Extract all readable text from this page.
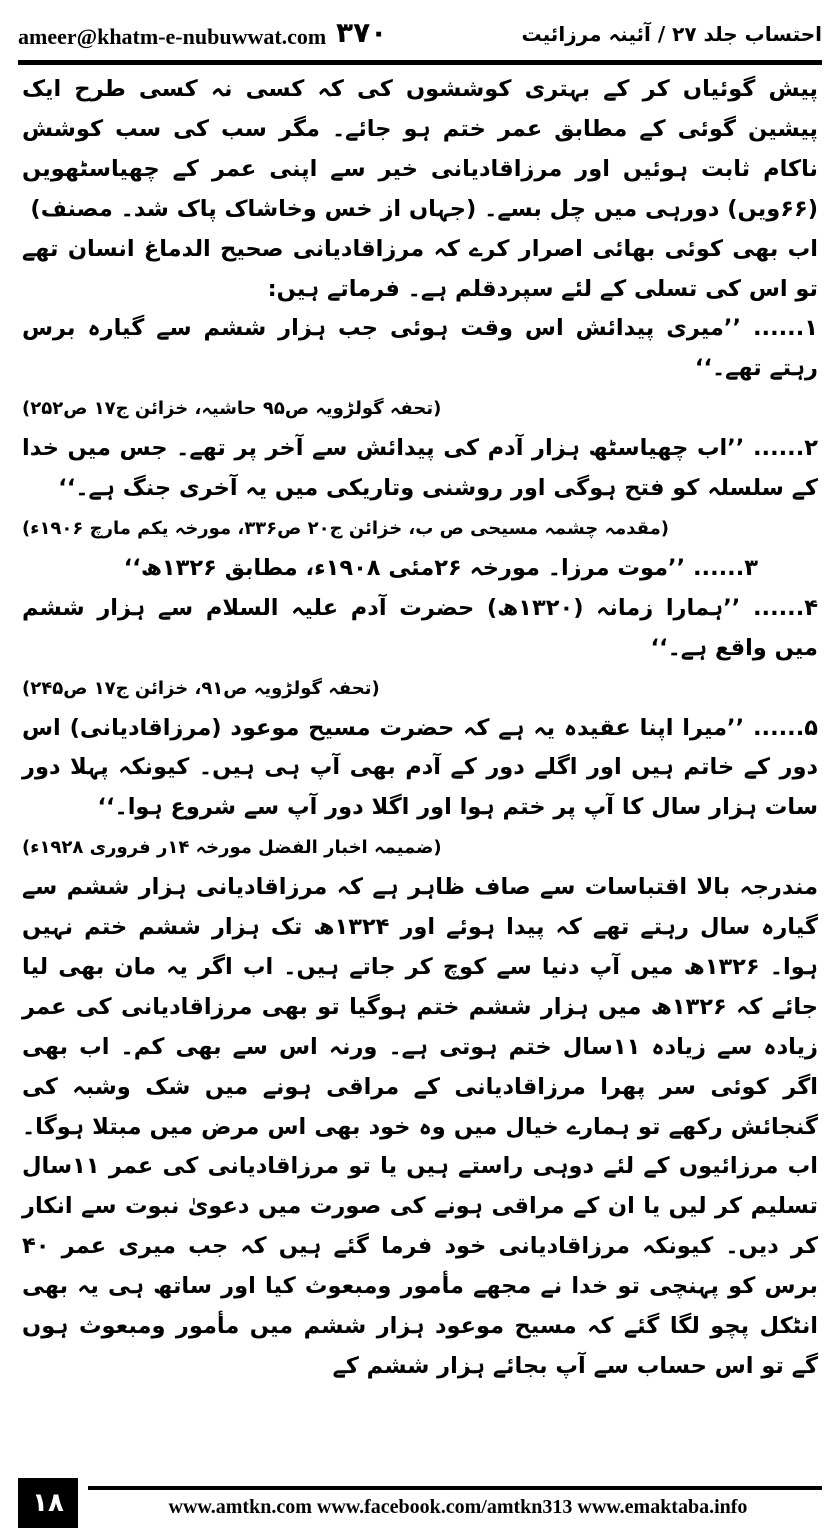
ameer@khatm-e-nubuwwat.com ۳۷۰	احتساب جلد ۲۷ / آئینہ مرزائیت

پیش گوئیاں کر کے بہتری کوششوں کی کہ کسی نہ کسی طرح ایک پیشین گوئی کے مطابق عمر ختم ہو جائے۔ مگر سب کی سب کوشش ناکام ثابت ہوئیں اور مرزاقادیانی خیر سے اپنی عمر کے چھیاسٹھویں (۶۶ویں) دورہی میں چل بسے۔ (جہاں از خس وخاشاک پاک شد۔ مصنف)

اب بھی کوئی بھائی اصرار کرے کہ مرزاقادیانی صحیح الدماغ انسان تھے تو اس کی تسلی کے لئے سپردقلم ہے۔ فرماتے ہیں:

۱...... ’’میری پیدائش اس وقت ہوئی جب ہزار ششم سے گیارہ برس رہتے تھے۔‘‘

(تحفہ گولڑویہ ص۹۵ حاشیہ، خزائن ج۱۷ ص۲۵۲)

۲...... ’’اب چھیاسٹھ ہزار آدم کی پیدائش سے آخر پر تھے۔ جس میں خدا کے سلسلہ کو فتح ہوگی اور روشنی وتاریکی میں یہ آخری جنگ ہے۔‘‘

(مقدمہ چشمہ مسیحی ص ب، خزائن ج۲۰ ص۳۳۶، مورخہ یکم مارچ ۱۹۰۶ء)

۳...... ’’موت مرزا۔ مورخہ ۲۶مئی ۱۹۰۸ء، مطابق ۱۳۲۶ھ‘‘

۴...... ’’ہمارا زمانہ (۱۳۲۰ھ) حضرت آدم علیہ السلام سے ہزار ششم میں واقع ہے۔‘‘

(تحفہ گولڑویہ ص۹۱، خزائن ج۱۷ ص۲۴۵)

۵...... ’’میرا اپنا عقیدہ یہ ہے کہ حضرت مسیح موعود (مرزاقادیانی) اس دور کے خاتم ہیں اور اگلے دور کے آدم بھی آپ ہی ہیں۔ کیونکہ پہلا دور سات ہزار سال کا آپ پر ختم ہوا اور اگلا دور آپ سے شروع ہوا۔‘‘

(ضمیمہ اخبار الفضل مورخہ ۱۴ر فروری ۱۹۲۸ء)

مندرجہ بالا اقتباسات سے صاف ظاہر ہے کہ مرزاقادیانی ہزار ششم سے گیارہ سال رہتے تھے کہ پیدا ہوئے اور ۱۳۲۴ھ تک ہزار ششم ختم نہیں ہوا۔ ۱۳۲۶ھ میں آپ دنیا سے کوچ کر جاتے ہیں۔ اب اگر یہ مان بھی لیا جائے کہ ۱۳۲۶ھ میں ہزار ششم ختم ہوگیا تو بھی مرزاقادیانی کی عمر زیادہ سے زیادہ ۱۱سال ختم ہوتی ہے۔ ورنہ اس سے بھی کم۔ اب بھی اگر کوئی سر پھرا مرزاقادیانی کے مراقی ہونے میں شک وشبہ کی گنجائش رکھے تو ہمارے خیال میں وہ خود بھی اس مرض میں مبتلا ہوگا۔ اب مرزائیوں کے لئے دوہی راستے ہیں یا تو مرزاقادیانی کی عمر ۱۱سال تسلیم کر لیں یا ان کے مراقی ہونے کی صورت میں دعویٰ نبوت سے انکار کر دیں۔ کیونکہ مرزاقادیانی خود فرما گئے ہیں کہ جب میری عمر ۴۰ برس کو پہنچی تو خدا نے مجھے مأمور ومبعوث کیا اور ساتھ ہی یہ بھی انٹکل پچو لگا گئے کہ مسیح موعود ہزار ششم میں مأمور ومبعوث ہوں گے تو اس حساب سے آپ بجائے ہزار ششم کے

۱۸	www.amtkn.com www.facebook.com/amtkn313 www.emaktaba.info
